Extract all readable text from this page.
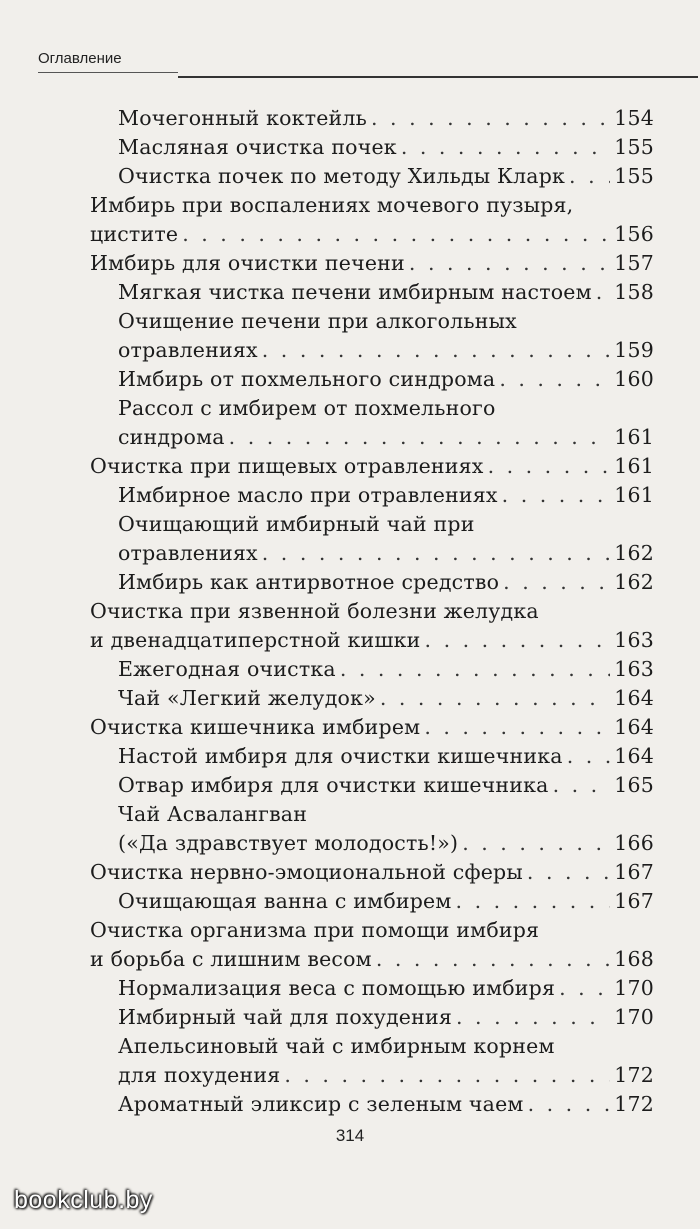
Оглавление
Мочегонный коктейль . . .	154
Масляная очистка почек . . .	155
Очистка почек по методу Хильды Кларк . . . 155
Имбирь при воспалениях мочевого пузыря,
цистите . . .	156
Имбирь для очистки печени . . .	157
Мягкая чистка печени имбирным настоем . . . 158
Очищение печени при алкогольных
отравлениях . . .	159
Имбирь от похмельного синдрома . . .	160
Рассол с имбирем от похмельного
синдрома . . .	161
Очистка при пищевых отравлениях . . .	161
Имбирное масло при отравлениях . . .	161
Очищающий имбирный чай при
отравлениях . . .	162
Имбирь как антирвотное средство . . .	162
Очистка при язвенной болезни желудка
и двенадцатиперстной кишки . . .	163
Ежегодная очистка . . .	163
Чай «Легкий желудок» . . .	164
Очистка кишечника имбирем . . .	164
Настой имбиря для очистки кишечника . . .	164
Отвар имбиря для очистки кишечника . . .	165
Чай Асвалангван
(«Да здравствует молодость!») . . .	166
Очистка нервно-эмоциональной сферы . . .	167
Очищающая ванна с имбирем . . .	167
Очистка организма при помощи имбиря
и борьба с лишним весом . . .	168
Нормализация веса с помощью имбиря . . .	170
Имбирный чай для похудения . . .	170
Апельсиновый чай с имбирным корнем
для похудения . . .	172
Ароматный эликсир с зеленым чаем . . .	172
314
bookclub.by
